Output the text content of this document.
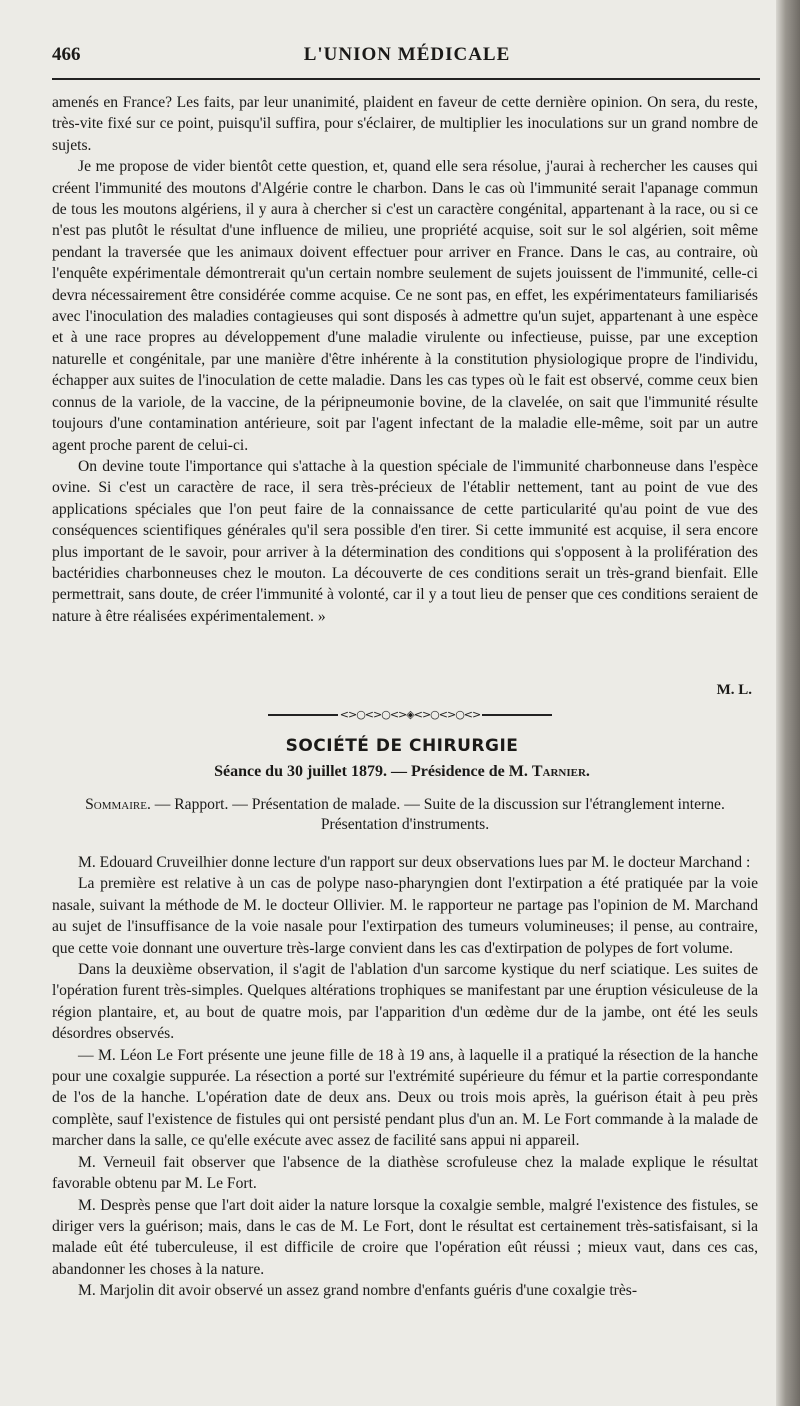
466	L'UNION MÉDICALE

amenés en France? Les faits, par leur unanimité, plaident en faveur de cette dernière opinion. On sera, du reste, très-vite fixé sur ce point, puisqu'il suffira, pour s'éclairer, de multiplier les inoculations sur un grand nombre de sujets.

Je me propose de vider bientôt cette question, et, quand elle sera résolue, j'aurai à rechercher les causes qui créent l'immunité des moutons d'Algérie contre le charbon. Dans le cas où l'immunité serait l'apanage commun de tous les moutons algériens, il y aura à chercher si c'est un caractère congénital, appartenant à la race, ou si ce n'est pas plutôt le résultat d'une influence de milieu, une propriété acquise, soit sur le sol algérien, soit même pendant la traversée que les animaux doivent effectuer pour arriver en France. Dans le cas, au contraire, où l'enquête expérimentale démontrerait qu'un certain nombre seulement de sujets jouissent de l'immunité, celle-ci devra nécessairement être considérée comme acquise. Ce ne sont pas, en effet, les expérimentateurs familiarisés avec l'inoculation des maladies contagieuses qui sont disposés à admettre qu'un sujet, appartenant à une espèce et à une race propres au développement d'une maladie virulente ou infectieuse, puisse, par une exception naturelle et congénitale, par une manière d'être inhérente à la constitution physiologique propre de l'individu, échapper aux suites de l'inoculation de cette maladie. Dans les cas types où le fait est observé, comme ceux bien connus de la variole, de la vaccine, de la péripneumonie bovine, de la clavelée, on sait que l'immunité résulte toujours d'une contamination antérieure, soit par l'agent infectant de la maladie elle-même, soit par un autre agent proche parent de celui-ci.

On devine toute l'importance qui s'attache à la question spéciale de l'immunité charbonneuse dans l'espèce ovine. Si c'est un caractère de race, il sera très-précieux de l'établir nettement, tant au point de vue des applications spéciales que l'on peut faire de la connaissance de cette particularité qu'au point de vue des conséquences scientifiques générales qu'il sera possible d'en tirer. Si cette immunité est acquise, il sera encore plus important de le savoir, pour arriver à la détermination des conditions qui s'opposent à la prolifération des bactéridies charbonneuses chez le mouton. La découverte de ces conditions serait un très-grand bienfait. Elle permettrait, sans doute, de créer l'immunité à volonté, car il y a tout lieu de penser que ces conditions seraient de nature à être réalisées expérimentalement. »

M. L.
<>○<>○<>◈<>○<>○<>
SOCIÉTÉ DE CHIRURGIE
Séance du 30 juillet 1879. — Présidence de M. Tarnier.
Sommaire. — Rapport. — Présentation de malade. — Suite de la discussion sur l'étranglement interne. Présentation d'instruments.

M. Edouard Cruveilhier donne lecture d'un rapport sur deux observations lues par M. le docteur Marchand :

La première est relative à un cas de polype naso-pharyngien dont l'extirpation a été pratiquée par la voie nasale, suivant la méthode de M. le docteur Ollivier. M. le rapporteur ne partage pas l'opinion de M. Marchand au sujet de l'insuffisance de la voie nasale pour l'extirpation des tumeurs volumineuses; il pense, au contraire, que cette voie donnant une ouverture très-large convient dans les cas d'extirpation de polypes de fort volume.

Dans la deuxième observation, il s'agit de l'ablation d'un sarcome kystique du nerf sciatique. Les suites de l'opération furent très-simples. Quelques altérations trophiques se manifestant par une éruption vésiculeuse de la région plantaire, et, au bout de quatre mois, par l'apparition d'un œdème dur de la jambe, ont été les seuls désordres observés.

— M. Léon Le Fort présente une jeune fille de 18 à 19 ans, à laquelle il a pratiqué la résection de la hanche pour une coxalgie suppurée. La résection a porté sur l'extrémité supérieure du fémur et la partie correspondante de l'os de la hanche. L'opération date de deux ans. Deux ou trois mois après, la guérison était à peu près complète, sauf l'existence de fistules qui ont persisté pendant plus d'un an. M. Le Fort commande à la malade de marcher dans la salle, ce qu'elle exécute avec assez de facilité sans appui ni appareil.

M. Verneuil fait observer que l'absence de la diathèse scrofuleuse chez la malade explique le résultat favorable obtenu par M. Le Fort.

M. Desprès pense que l'art doit aider la nature lorsque la coxalgie semble, malgré l'existence des fistules, se diriger vers la guérison; mais, dans le cas de M. Le Fort, dont le résultat est certainement très-satisfaisant, si la malade eût été tuberculeuse, il est difficile de croire que l'opération eût réussi ; mieux vaut, dans ces cas, abandonner les choses à la nature.

M. Marjolin dit avoir observé un assez grand nombre d'enfants guéris d'une coxalgie très-
